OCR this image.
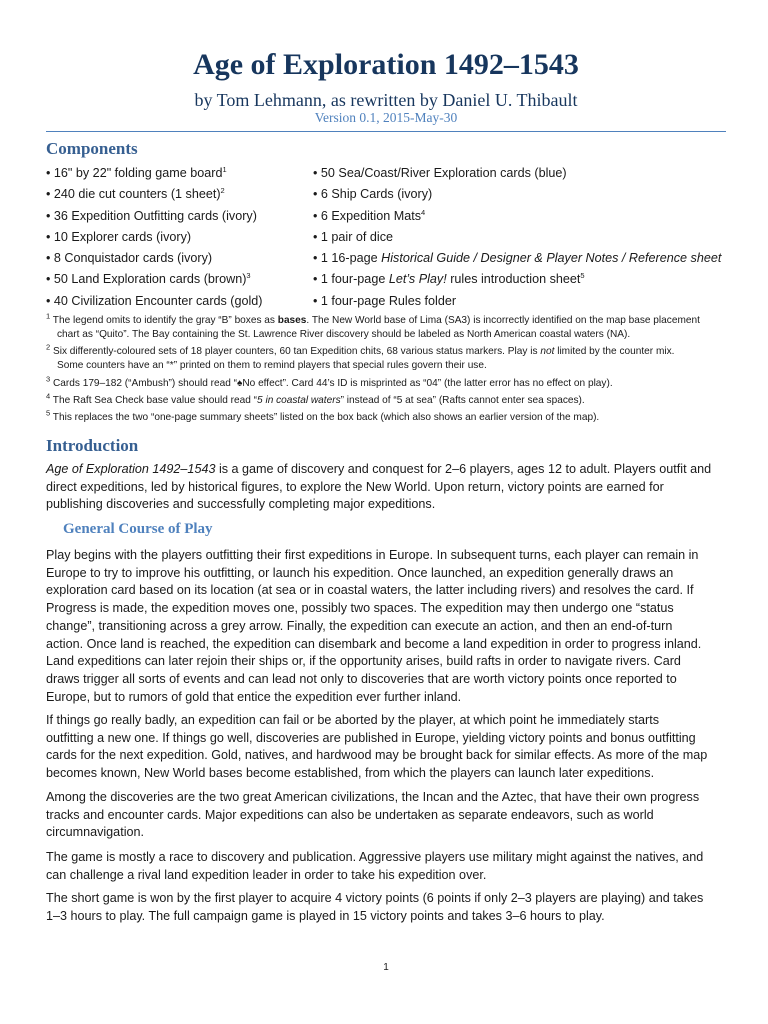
Age of Exploration 1492–1543
by Tom Lehmann, as rewritten by Daniel U. Thibault
Version 0.1, 2015-May-30
Components
• 16" by 22" folding game board$^1$
• 240 die cut counters (1 sheet)$^2$
• 36 Expedition Outfitting cards (ivory)
• 10 Explorer cards (ivory)
• 8 Conquistador cards (ivory)
• 50 Land Exploration cards (brown)$^3$
• 40 Civilization Encounter cards (gold)
• 50 Sea/Coast/River Exploration cards (blue)
• 6 Ship Cards (ivory)
• 6 Expedition Mats$^4$
• 1 pair of dice
• 1 16-page Historical Guide / Designer & Player Notes / Reference sheet
• 1 four-page Let’s Play! rules introduction sheet$^5$
• 1 four-page Rules folder
$^1$ The legend omits to identify the gray “B” boxes as bases. The New World base of Lima (SA3) is incorrectly identified on the map base placement
chart as “Quito”. The Bay containing the St. Lawrence River discovery should be labeled as North American coastal waters (NA).
$^2$ Six differently-coloured sets of 18 player counters, 60 tan Expedition chits, 68 various status markers. Play is not limited by the counter mix.
Some counters have an “*” printed on them to remind players that special rules govern their use.
$^3$ Cards 179–182 (“Ambush”) should read “♠No effect”. Card 44’s ID is misprinted as “04” (the latter error has no effect on play).
$^4$ The Raft Sea Check base value should read “5 in coastal waters” instead of “5 at sea” (Rafts cannot enter sea spaces).
$^5$ This replaces the two “one-page summary sheets” listed on the box back (which also shows an earlier version of the map).
Introduction
Age of Exploration 1492–1543 is a game of discovery and conquest for 2–6 players, ages 12 to adult. Players outfit and
direct expeditions, led by historical figures, to explore the New World. Upon return, victory points are earned for
publishing discoveries and successfully completing major expeditions.
General Course of Play
Play begins with the players outfitting their first expeditions in Europe. In subsequent turns, each player can remain in
Europe to try to improve his outfitting, or launch his expedition. Once launched, an expedition generally draws an
exploration card based on its location (at sea or in coastal waters, the latter including rivers) and resolves the card. If
Progress is made, the expedition moves one, possibly two spaces. The expedition may then undergo one “status
change”, transitioning across a grey arrow. Finally, the expedition can execute an action, and then an end-of-turn
action. Once land is reached, the expedition can disembark and become a land expedition in order to progress inland.
Land expeditions can later rejoin their ships or, if the opportunity arises, build rafts in order to navigate rivers. Card
draws trigger all sorts of events and can lead not only to discoveries that are worth victory points once reported to
Europe, but to rumors of gold that entice the expedition ever further inland.
If things go really badly, an expedition can fail or be aborted by the player, at which point he immediately starts
outfitting a new one. If things go well, discoveries are published in Europe, yielding victory points and bonus outfitting
cards for the next expedition. Gold, natives, and hardwood may be brought back for similar effects. As more of the map
becomes known, New World bases become established, from which the players can launch later expeditions.
Among the discoveries are the two great American civilizations, the Incan and the Aztec, that have their own progress
tracks and encounter cards. Major expeditions can also be undertaken as separate endeavors, such as world
circumnavigation.
The game is mostly a race to discovery and publication. Aggressive players use military might against the natives, and
can challenge a rival land expedition leader in order to take his expedition over.
The short game is won by the first player to acquire 4 victory points (6 points if only 2–3 players are playing) and takes
1–3 hours to play. The full campaign game is played in 15 victory points and takes 3–6 hours to play.
1
